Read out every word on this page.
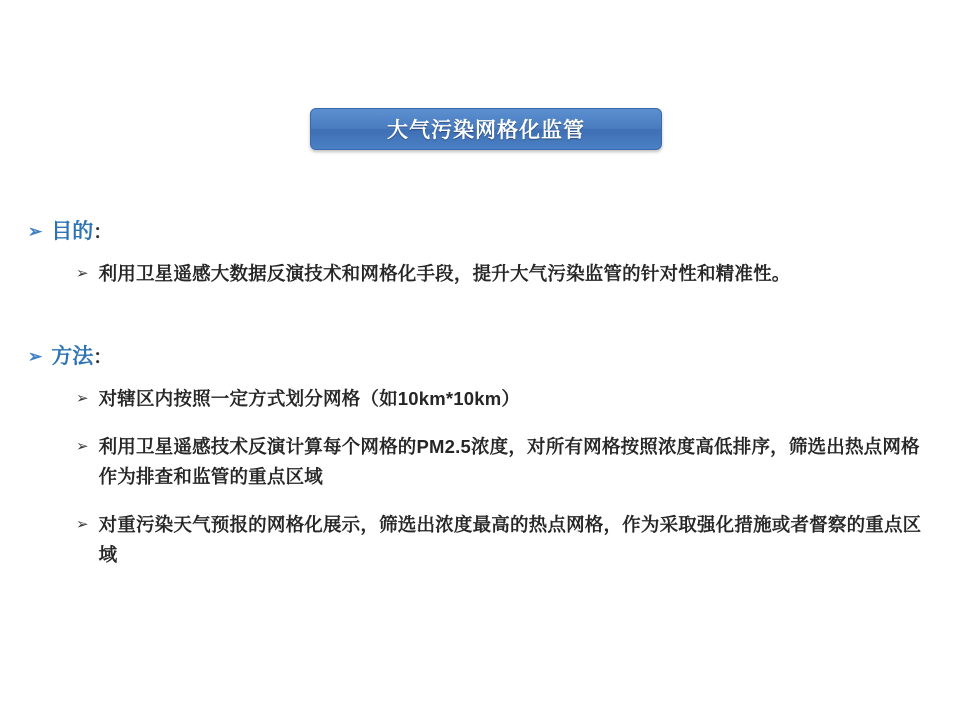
大气污染网格化监管
➢ 目的 ：
➢ 利用卫星遥感大数据反演技术和网格化手段，提升大气污染监管的针对性和精准性。
➢ 方法 ：
➢ 对辖区内按照一定方式划分网格（如10km*10km）
➢ 利用卫星遥感技术反演计算每个网格的PM2.5浓度，对所有网格按照浓度高低排序，筛选出热点网格作为排查和监管的重点区域
➢ 对重污染天气预报的网格化展示，筛选出浓度最高的热点网格，作为采取强化措施或者督察的重点区域
